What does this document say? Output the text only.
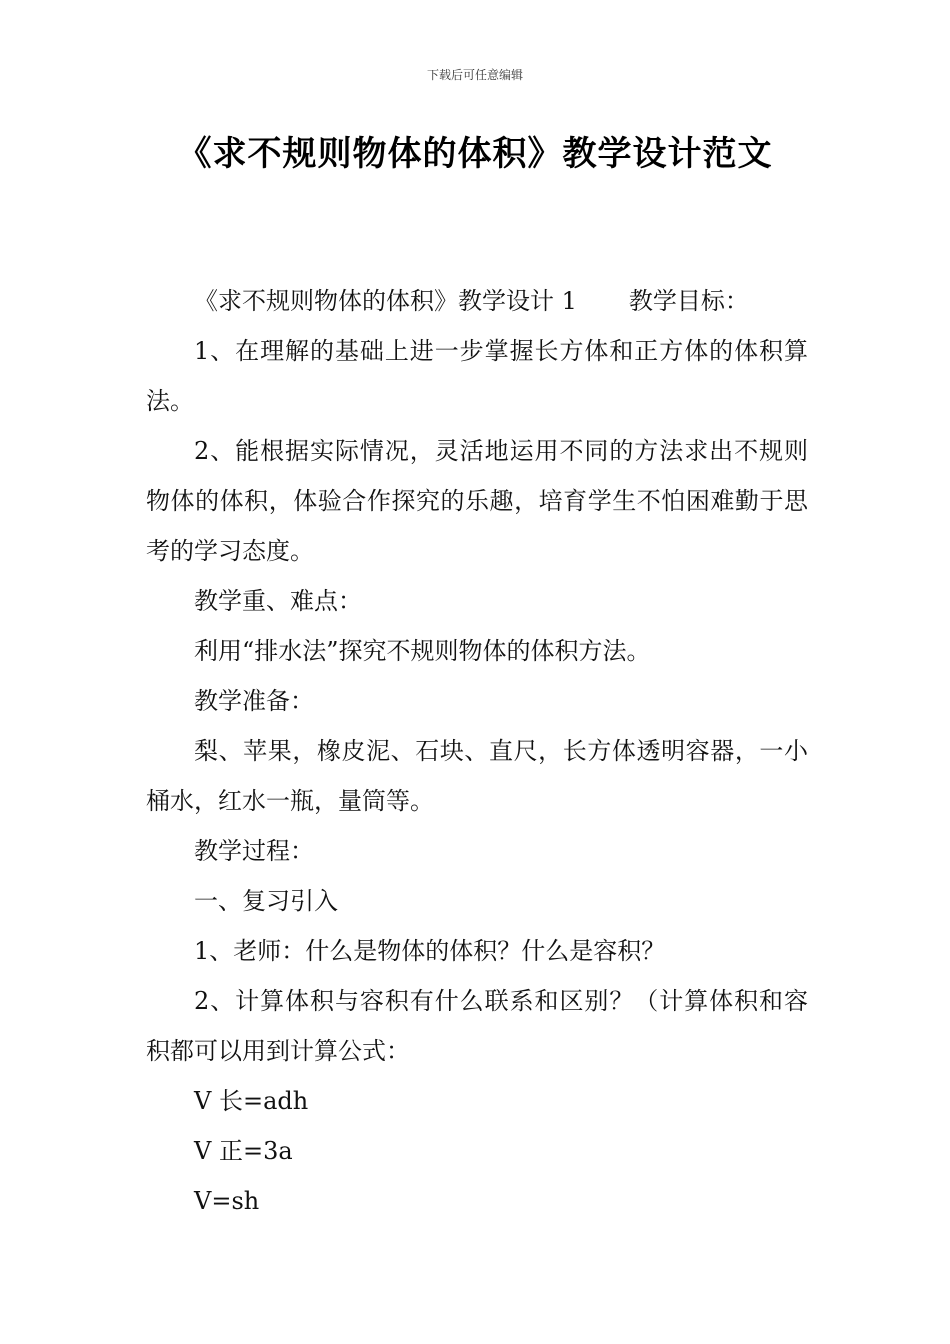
下载后可任意编辑
《求不规则物体的体积》教学设计范文

《求不规则物体的体积》教学设计 1 教学目标：

1、在理解的基础上进一步掌握长方体和正方体的体积算法。

2、能根据实际情况，灵活地运用不同的方法求出不规则物体的体积，体验合作探究的乐趣，培育学生不怕困难勤于思考的学习态度。

教学重、难点：

利用“排水法”探究不规则物体的体积方法。

教学准备：

梨、苹果，橡皮泥、石块、直尺，长方体透明容器，一小桶水，红水一瓶，量筒等。

教学过程：

一、复习引入

1、老师：什么是物体的体积？什么是容积？

2、计算体积与容积有什么联系和区别？（计算体积和容积都可以用到计算公式：

V 长=adh

V 正=3a

V=sh
